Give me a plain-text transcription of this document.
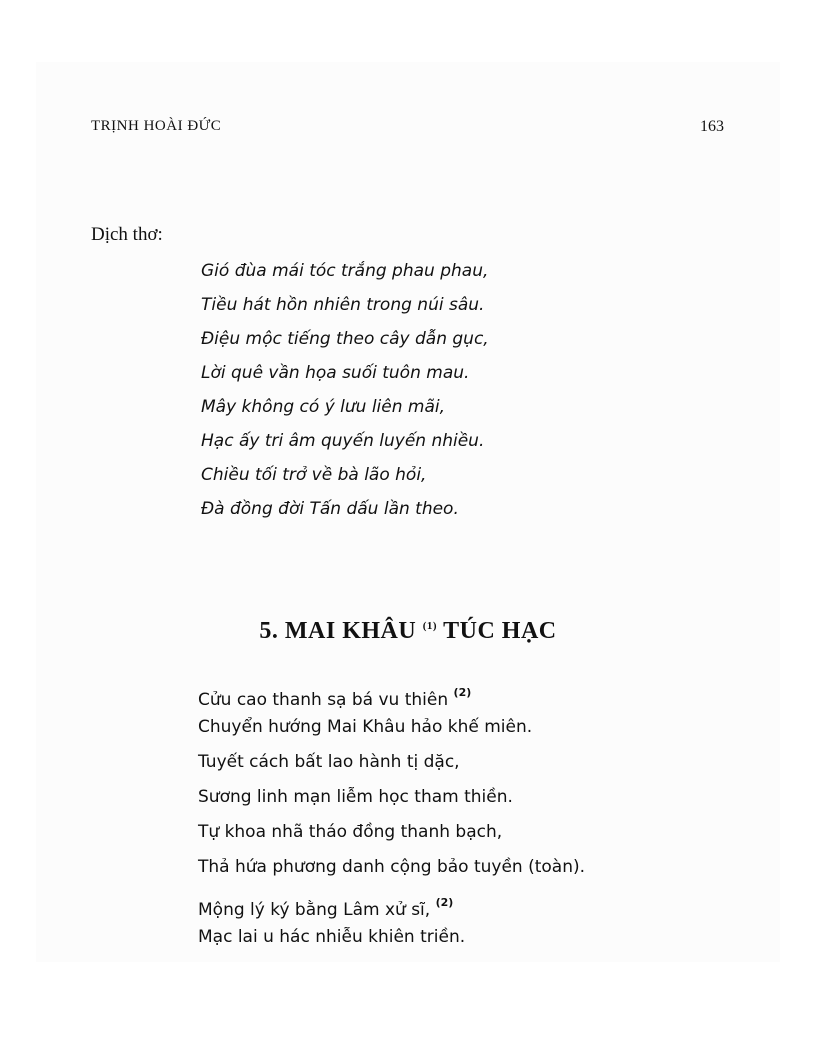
TRỊNH HOÀI ĐỨC	163
Dịch thơ:
Gió đùa mái tóc trắng phau phau,
Tiều hát hồn nhiên trong núi sâu.
Điệu mộc tiếng theo cây dẫn gục,
Lời quê vần họa suối tuôn mau.
Mây không có ý lưu liên mãi,
Hạc ấy tri âm quyến luyến nhiều.
Chiều tối trở về bà lão hỏi,
Đà đồng đời Tấn dấu lần theo.
5. MAI KHÂU $^{(1)}$ TÚC HẠC
Cửu cao thanh sạ bá vu thiên $^{(2)}$
Chuyển hướng Mai Khâu hảo khế miên.
Tuyết cách bất lao hành tị dặc,
Sương linh mạn liễm học tham thiền.
Tự khoa nhã tháo đồng thanh bạch,
Thả hứa phương danh cộng bảo tuyền (toàn).
Mộng lý ký bằng Lâm xử sĩ, $^{(2)}$
Mạc lai u hác nhiễu khiên triền.
